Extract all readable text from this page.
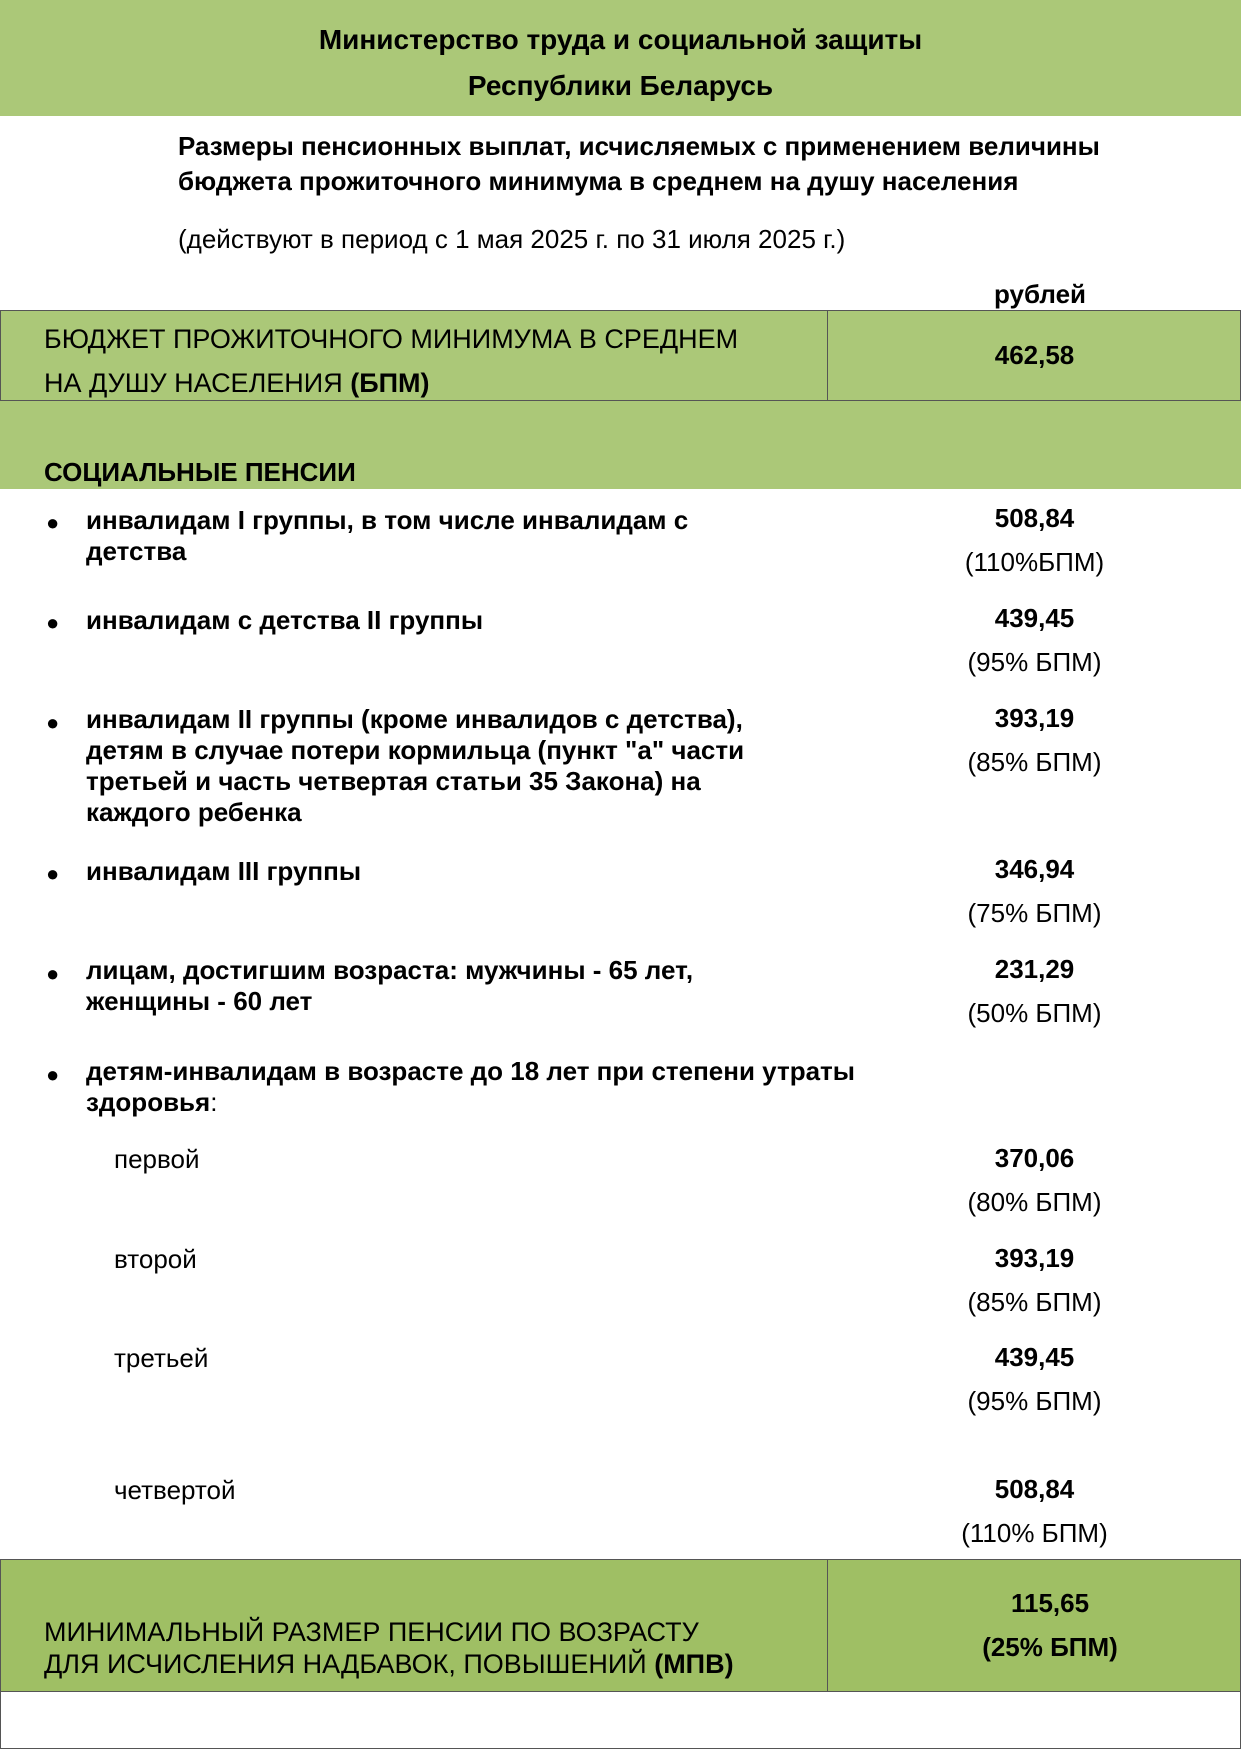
Министерство труда и социальной защиты
Республики Беларусь
Размеры пенсионных выплат, исчисляемых с применением величины
бюджета прожиточного минимума в среднем на душу населения
(действуют в период с 1 мая 2025 г. по 31 июля 2025 г.)
рублей
БЮДЖЕТ ПРОЖИТОЧНОГО МИНИМУМА В СРЕДНЕМ
НА ДУШУ НАСЕЛЕНИЯ (БПМ)
462,58
СОЦИАЛЬНЫЕ ПЕНСИИ
● инвалидам I группы, в том числе инвалидам с
детства
508,84
(110%БПМ)
● инвалидам с детства II группы	439,45
(95% БПМ)
● инвалидам II группы (кроме инвалидов с детства),
детям в случае потери кормильца (пункт "а" части
третьей и часть четвертая статьи 35 Закона) на
каждого ребенка
393,19
(85% БПМ)
● инвалидам III группы	346,94
(75% БПМ)
● лицам, достигшим возраста: мужчины - 65 лет,
женщины - 60 лет
231,29
(50% БПМ)
● детям-инвалидам в возрасте до 18 лет при степени утраты
здоровья:
первой	370,06
(80% БПМ)
второй	393,19
(85% БПМ)
третьей	439,45
(95% БПМ)
четвертой	508,84
(110% БПМ)
МИНИМАЛЬНЫЙ РАЗМЕР ПЕНСИИ ПО ВОЗРАСТУ
ДЛЯ ИСЧИСЛЕНИЯ НАДБАВОК, ПОВЫШЕНИЙ (МПВ)
115,65
(25% БПМ)
